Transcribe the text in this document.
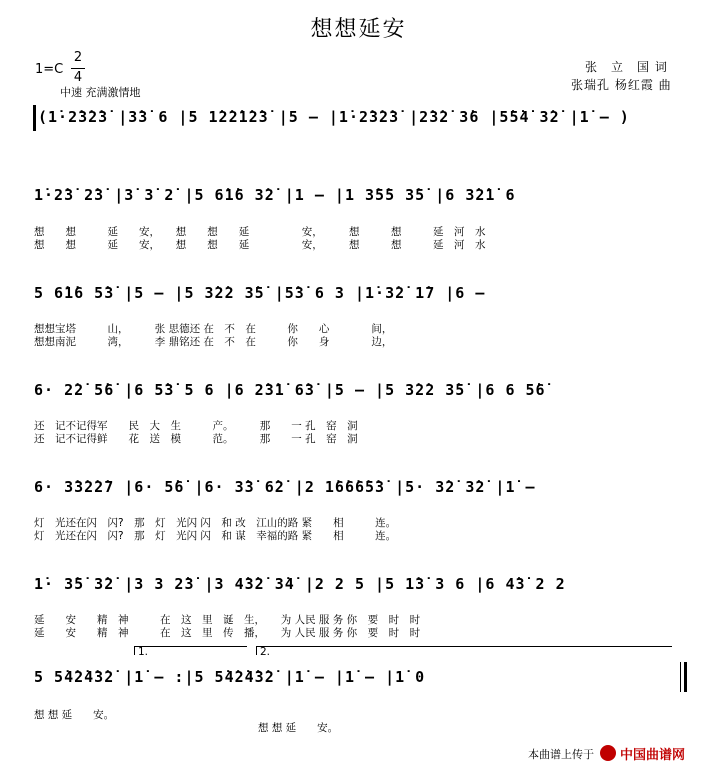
想想延安
1=C
2
4
中速 充满激情地
张　立　国 词
张瑞孔 杨红霞 曲
(1̇·2̇3̇2̇3̇ |3̇3̇ 6 |5 1̇2̇2̇1̇2̇3̇ |5 – |1̇·2̇3̇2̇3̇ |2̇3̇2̇ 3̇6 |5̇5̇4̇ 3̇2̇ |1̇ – )
1̇·2̇3̇ 2̇3̇ |3̇ 3̇ 2̇ |5 6̇1̇6 3̇2̇ |1 – |1 3̇5̇5 3̇5̇ |6 3̇2̇1̇ 6
想　　想　　　延　　安，　　想　　想　　延　　　　　安，　　　想　　　想　　　延　河　水
想　　想　　　延　　安，　　想　　想　　延　　　　　安，　　　想　　　想　　　延　河　水
5 6̇1̇6 5̇3̇ |5 – |5 3̇2̇2 3̇5̇ |5̇3̇ 6 3 |1̇·3̇2̇ 1̇7 |6 –
想想宝塔　　　山，　　　张 思德还 在　不　在　　　你　　心　　　　间，
想想南泥　　　湾，　　　李 鼎铭还 在　不　在　　　你　　身　　　　边，
6· 2̇2̇ 5̇6̇ |6 5̇3̇ 5 6 |6 2̇3̇1̇ 6̇3̇ |5 – |5 3̇2̇2 3̇5̇ |6 6 5̇6̇
还　记不记得军　　民　大　生　　　产。　　　那　　一 孔　窑　洞
还　记不记得鲜　　花　送　模　　　范。　　　那　　一 孔　窑　洞
6· 3̇3̇2̇2̇7 |6· 5̇6̇ |6· 3̇3̇ 6̇2̇ |2 1̇6̇6̇6̇5̇3̇ |5· 3̇2̇ 3̇2̇ |1̇ –
灯　光还在闪　闪?　那　灯　光闪 闪　和 改　江山的路 紧　　相　　　连。
灯　光还在闪　闪?　那　灯　光闪 闪　和 谋　幸福的路 紧　　相　　　连。
1̇· 3̇5̇ 3̇2̇ |3 3 2̇3̇ |3 4̇3̇2̇ 3̇4̇ |2 2 5 |5 1̇3̇ 3 6 |6 4̇3̇ 2 2
延　　安　　精　神　　　在　这　里　诞　生，　　为 人民 服 务 你　要　时　时
延　　安　　精　神　　　在　这　里　传　播，　　为 人民 服 务 你　要　时　时
1.	2.
5 5̇4̇2̇4̇3̇2̇ |1̇ – :|5 5̇4̇2̇4̇3̇2̇ |1̇ – |1̇ – |1̇ 0
想 想 延　　安。
想 想 延　　安。
本曲谱上传于 中国曲谱网
